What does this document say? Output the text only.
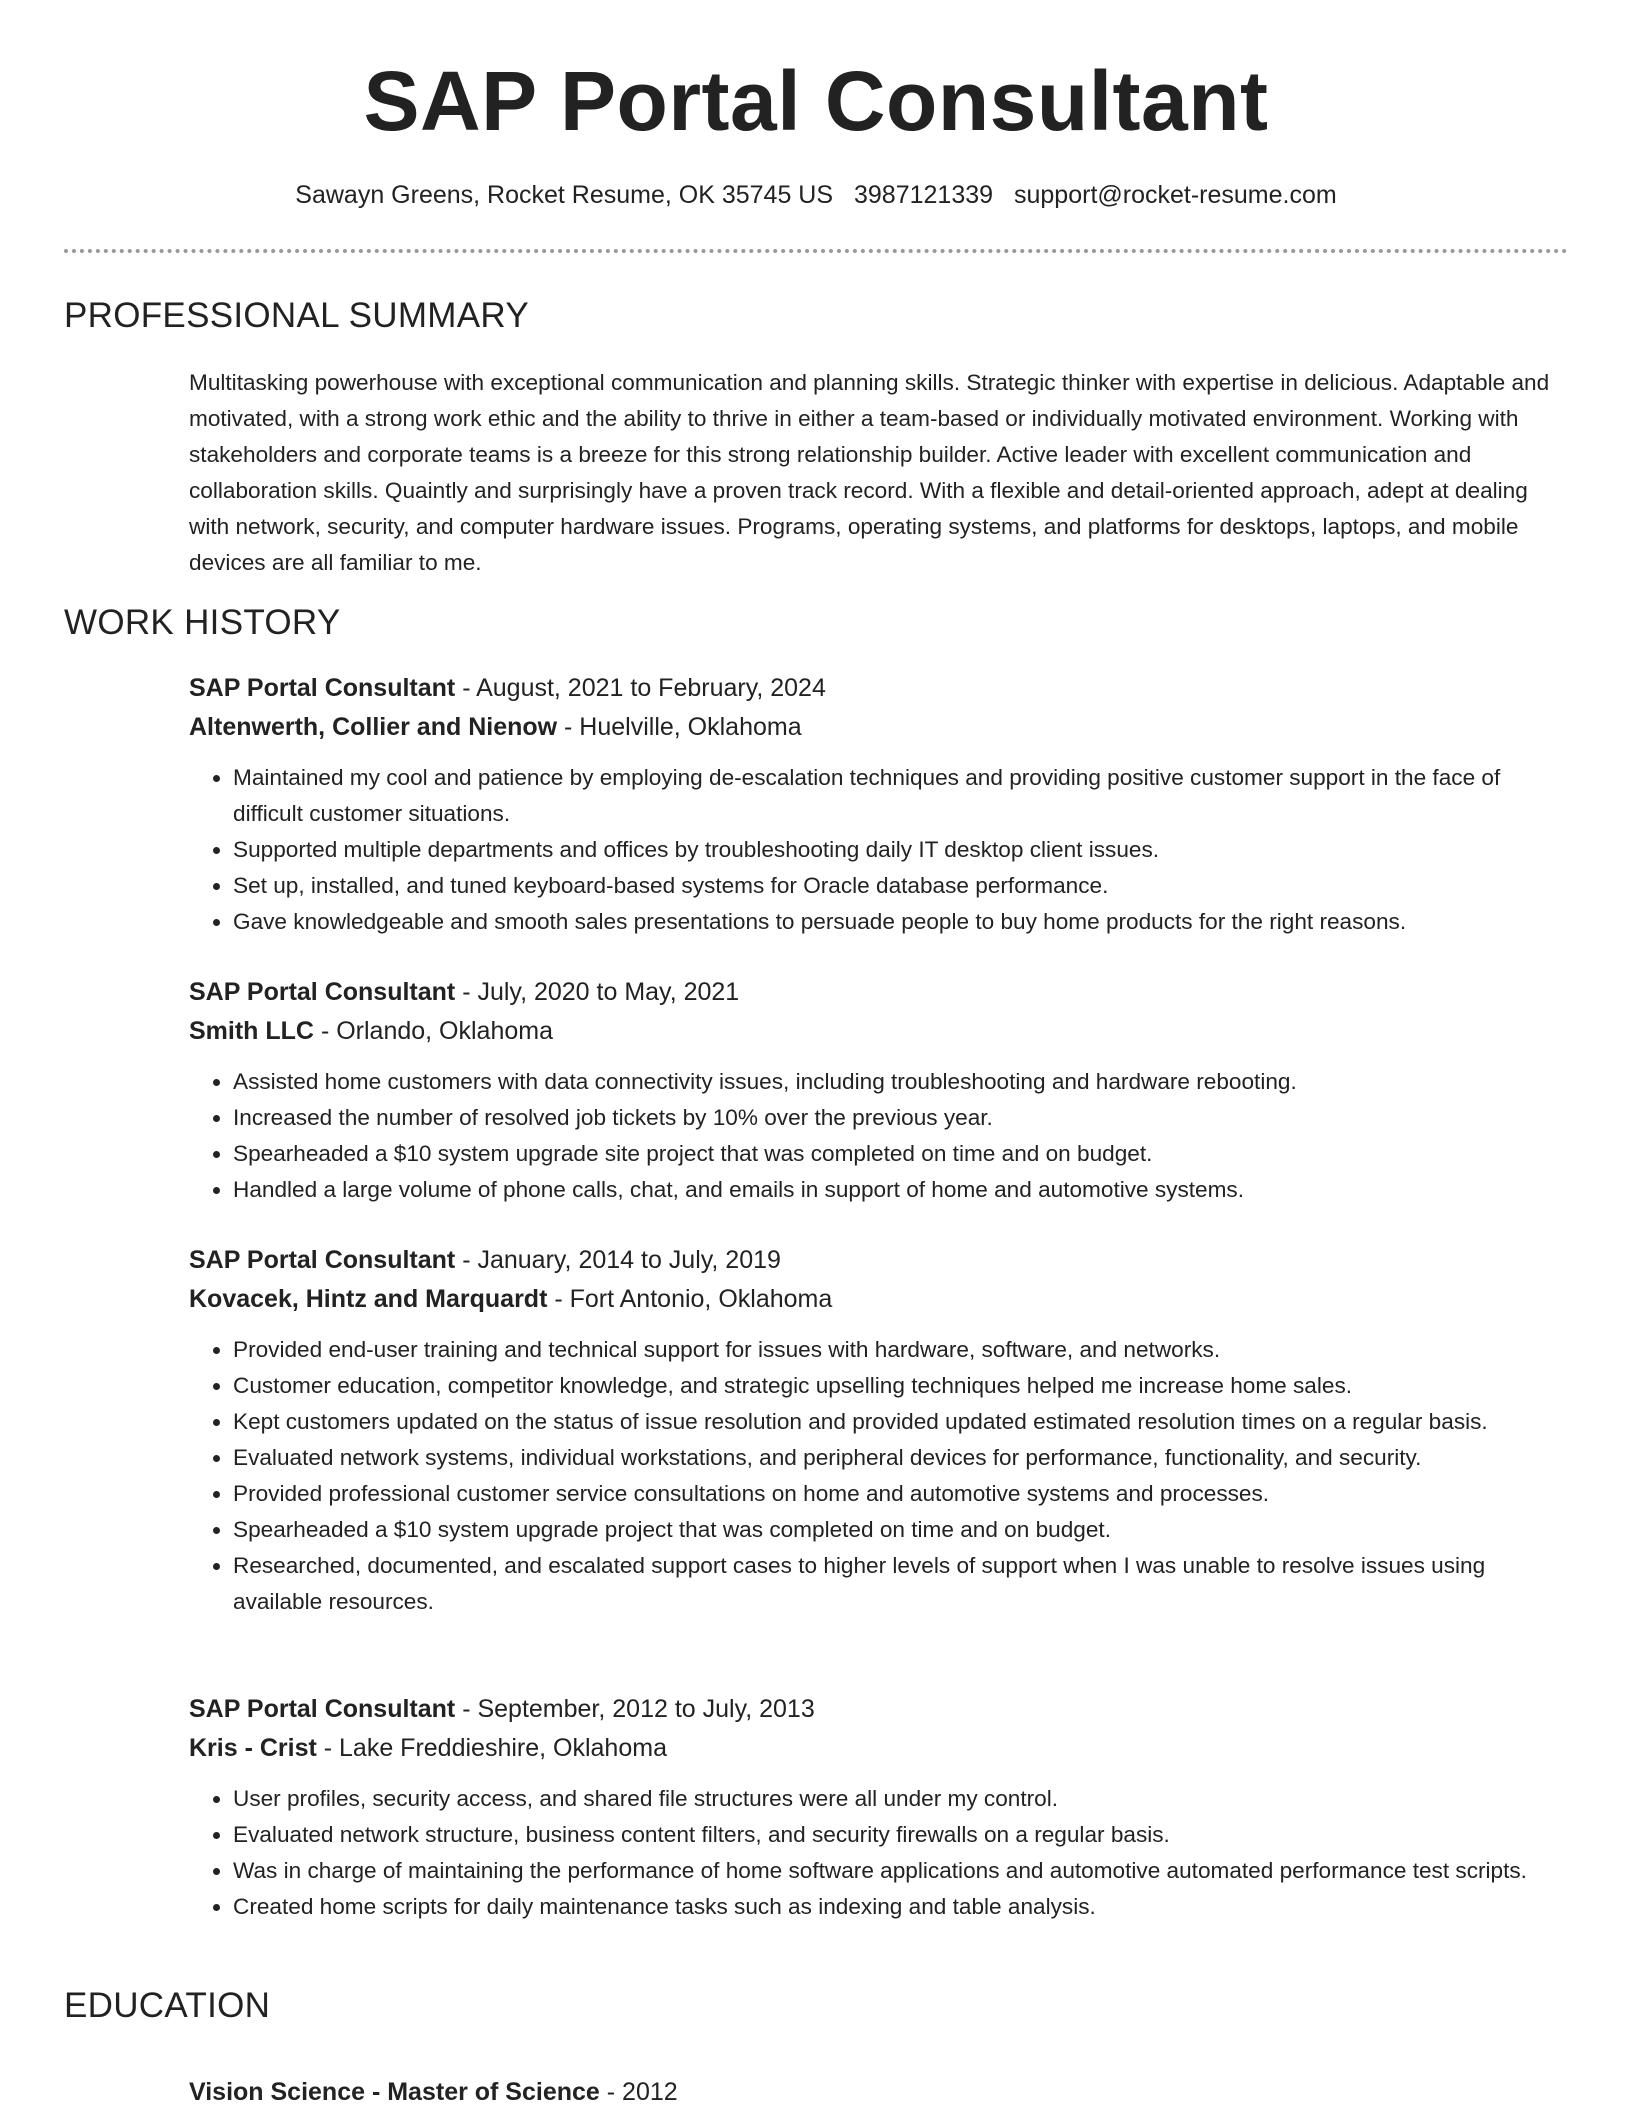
SAP Portal Consultant
Sawayn Greens, Rocket Resume, OK 35745 US 3987121339 support@rocket-resume.com
PROFESSIONAL SUMMARY
Multitasking powerhouse with exceptional communication and planning skills. Strategic thinker with expertise in delicious. Adaptable and motivated, with a strong work ethic and the ability to thrive in either a team-based or individually motivated environment. Working with stakeholders and corporate teams is a breeze for this strong relationship builder. Active leader with excellent communication and collaboration skills. Quaintly and surprisingly have a proven track record. With a flexible and detail-oriented approach, adept at dealing with network, security, and computer hardware issues. Programs, operating systems, and platforms for desktops, laptops, and mobile devices are all familiar to me.
WORK HISTORY
SAP Portal Consultant - August, 2021 to February, 2024
Altenwerth, Collier and Nienow - Huelville, Oklahoma
• Maintained my cool and patience by employing de-escalation techniques and providing positive customer support in the face of difficult customer situations.
• Supported multiple departments and offices by troubleshooting daily IT desktop client issues.
• Set up, installed, and tuned keyboard-based systems for Oracle database performance.
• Gave knowledgeable and smooth sales presentations to persuade people to buy home products for the right reasons.
SAP Portal Consultant - July, 2020 to May, 2021
Smith LLC - Orlando, Oklahoma
• Assisted home customers with data connectivity issues, including troubleshooting and hardware rebooting.
• Increased the number of resolved job tickets by 10% over the previous year.
• Spearheaded a $10 system upgrade site project that was completed on time and on budget.
• Handled a large volume of phone calls, chat, and emails in support of home and automotive systems.
SAP Portal Consultant - January, 2014 to July, 2019
Kovacek, Hintz and Marquardt - Fort Antonio, Oklahoma
• Provided end-user training and technical support for issues with hardware, software, and networks.
• Customer education, competitor knowledge, and strategic upselling techniques helped me increase home sales.
• Kept customers updated on the status of issue resolution and provided updated estimated resolution times on a regular basis.
• Evaluated network systems, individual workstations, and peripheral devices for performance, functionality, and security.
• Provided professional customer service consultations on home and automotive systems and processes.
• Spearheaded a $10 system upgrade project that was completed on time and on budget.
• Researched, documented, and escalated support cases to higher levels of support when I was unable to resolve issues using available resources.
SAP Portal Consultant - September, 2012 to July, 2013
Kris - Crist - Lake Freddieshire, Oklahoma
• User profiles, security access, and shared file structures were all under my control.
• Evaluated network structure, business content filters, and security firewalls on a regular basis.
• Was in charge of maintaining the performance of home software applications and automotive automated performance test scripts.
• Created home scripts for daily maintenance tasks such as indexing and table analysis.
EDUCATION
Vision Science - Master of Science - 2012
